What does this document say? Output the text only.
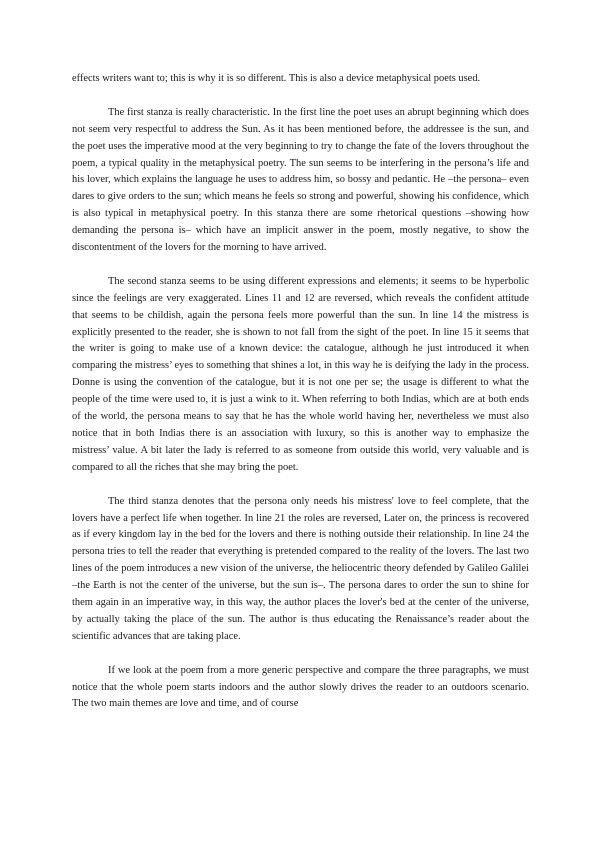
effects writers want to; this is why it is so different. This is also a device metaphysical poets used.

The first stanza is really characteristic. In the first line the poet uses an abrupt beginning which does not seem very respectful to address the Sun. As it has been mentioned before, the addressee is the sun, and the poet uses the imperative mood at the very beginning to try to change the fate of the lovers throughout the poem, a typical quality in the metaphysical poetry. The sun seems to be interfering in the persona’s life and his lover, which explains the language he uses to address him, so bossy and pedantic. He –the persona– even dares to give orders to the sun; which means he feels so strong and powerful, showing his confidence, which is also typical in metaphysical poetry. In this stanza there are some rhetorical questions –showing how demanding the persona is– which have an implicit answer in the poem, mostly negative, to show the discontentment of the lovers for the morning to have arrived.

The second stanza seems to be using different expressions and elements; it seems to be hyperbolic since the feelings are very exaggerated. Lines 11 and 12 are reversed, which reveals the confident attitude that seems to be childish, again the persona feels more powerful than the sun. In line 14 the mistress is explicitly presented to the reader, she is shown to not fall from the sight of the poet. In line 15 it seems that the writer is going to make use of a known device: the catalogue, although he just introduced it when comparing the mistress’ eyes to something that shines a lot, in this way he is deifying the lady in the process. Donne is using the convention of the catalogue, but it is not one per se; the usage is different to what the people of the time were used to, it is just a wink to it. When referring to both Indias, which are at both ends of the world, the persona means to say that he has the whole world having her, nevertheless we must also notice that in both Indias there is an association with luxury, so this is another way to emphasize the mistress’ value. A bit later the lady is referred to as someone from outside this world, very valuable and is compared to all the riches that she may bring the poet.

The third stanza denotes that the persona only needs his mistress' love to feel complete, that the lovers have a perfect life when together. In line 21 the roles are reversed, Later on, the princess is recovered as if every kingdom lay in the bed for the lovers and there is nothing outside their relationship. In line 24 the persona tries to tell the reader that everything is pretended compared to the reality of the lovers. The last two lines of the poem introduces a new vision of the universe, the heliocentric theory defended by Galileo Galilei –the Earth is not the center of the universe, but the sun is–. The persona dares to order the sun to shine for them again in an imperative way, in this way, the author places the lover's bed at the center of the universe, by actually taking the place of the sun. The author is thus educating the Renaissance’s reader about the scientific advances that are taking place.

If we look at the poem from a more generic perspective and compare the three paragraphs, we must notice that the whole poem starts indoors and the author slowly drives the reader to an outdoors scenario. The two main themes are love and time, and of course
